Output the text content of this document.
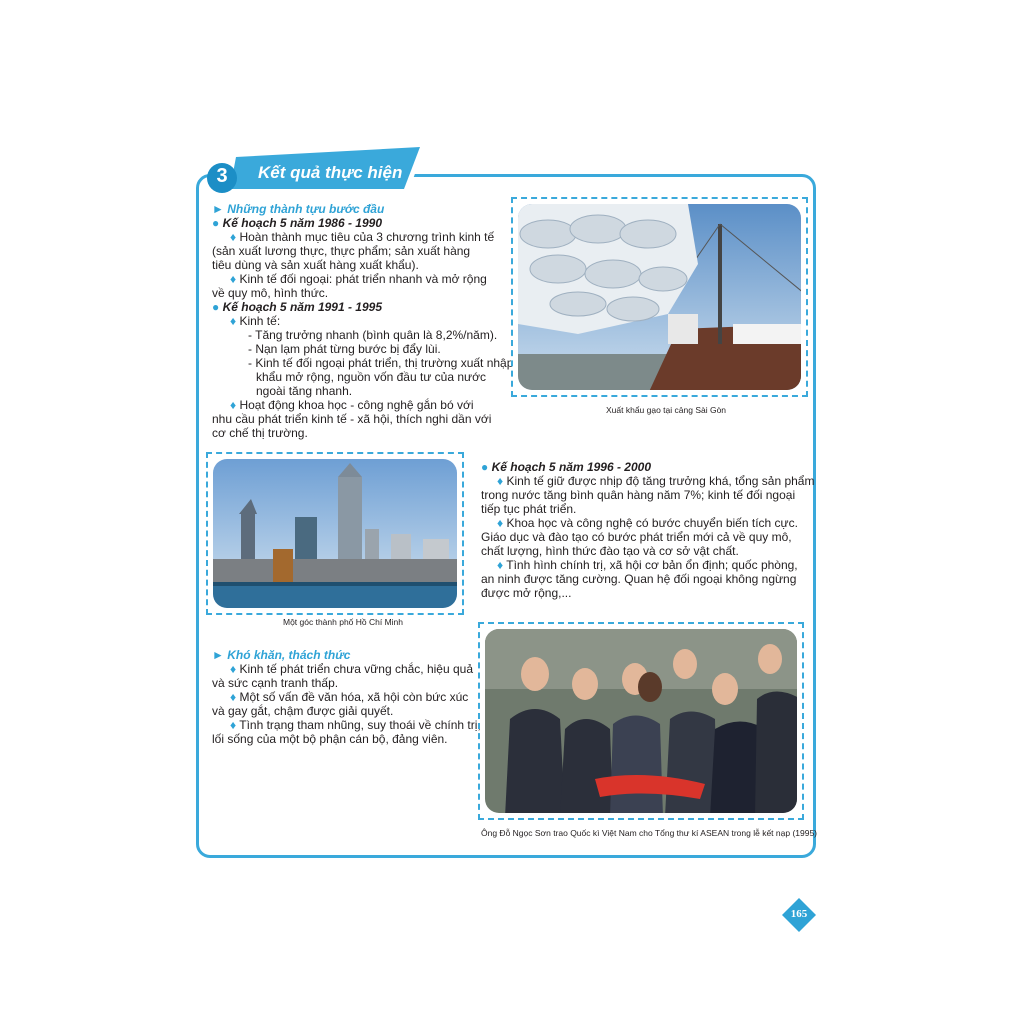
Kết quả thực hiện
3
► Những thành tựu bước đầu
● Kế hoạch 5 năm 1986 - 1990
♦ Hoàn thành mục tiêu của 3 chương trình kinh tế
(sản xuất lương thực, thực phẩm; sản xuất hàng
tiêu dùng và sản xuất hàng xuất khẩu).
♦ Kinh tế đối ngoại: phát triển nhanh và mở rộng
về quy mô, hình thức.
● Kế hoạch 5 năm 1991 - 1995
♦ Kinh tế:
- Tăng trưởng nhanh (bình quân là 8,2%/năm).
- Nạn lạm phát từng bước bị đẩy lùi.
- Kinh tế đối ngoại phát triển, thị trường xuất nhập
khẩu mở rộng, nguồn vốn đầu tư của nước
ngoài tăng nhanh.
♦ Hoạt động khoa học - công nghệ gắn bó với
nhu cầu phát triển kinh tế - xã hội, thích nghi dần với
cơ chế thị trường.
Xuất khẩu gạo tại cảng Sài Gòn
Một góc thành phố Hồ Chí Minh
● Kế hoạch 5 năm 1996 - 2000
♦ Kinh tế giữ được nhịp độ tăng trưởng khá, tổng sản phẩm
trong nước tăng bình quân hàng năm 7%; kinh tế đối ngoại
tiếp tục phát triển.
♦ Khoa học và công nghệ có bước chuyển biến tích cực.
Giáo dục và đào tạo có bước phát triển mới cả về quy mô,
chất lượng, hình thức đào tạo và cơ sở vật chất.
♦ Tình hình chính trị, xã hội cơ bản ổn định; quốc phòng,
an ninh được tăng cường. Quan hệ đối ngoại không ngừng
được mở rộng,...
► Khó khăn, thách thức
♦ Kinh tế phát triển chưa vững chắc, hiệu quả
và sức cạnh tranh thấp.
♦ Một số vấn đề văn hóa, xã hội còn bức xúc
và gay gắt, chậm được giải quyết.
♦ Tình trạng tham nhũng, suy thoái về chính trị,
lối sống của một bộ phận cán bộ, đảng viên.
Ông Đỗ Ngọc Sơn trao Quốc kì Việt Nam cho Tổng thư kí ASEAN trong lễ kết nạp (1995)
165
